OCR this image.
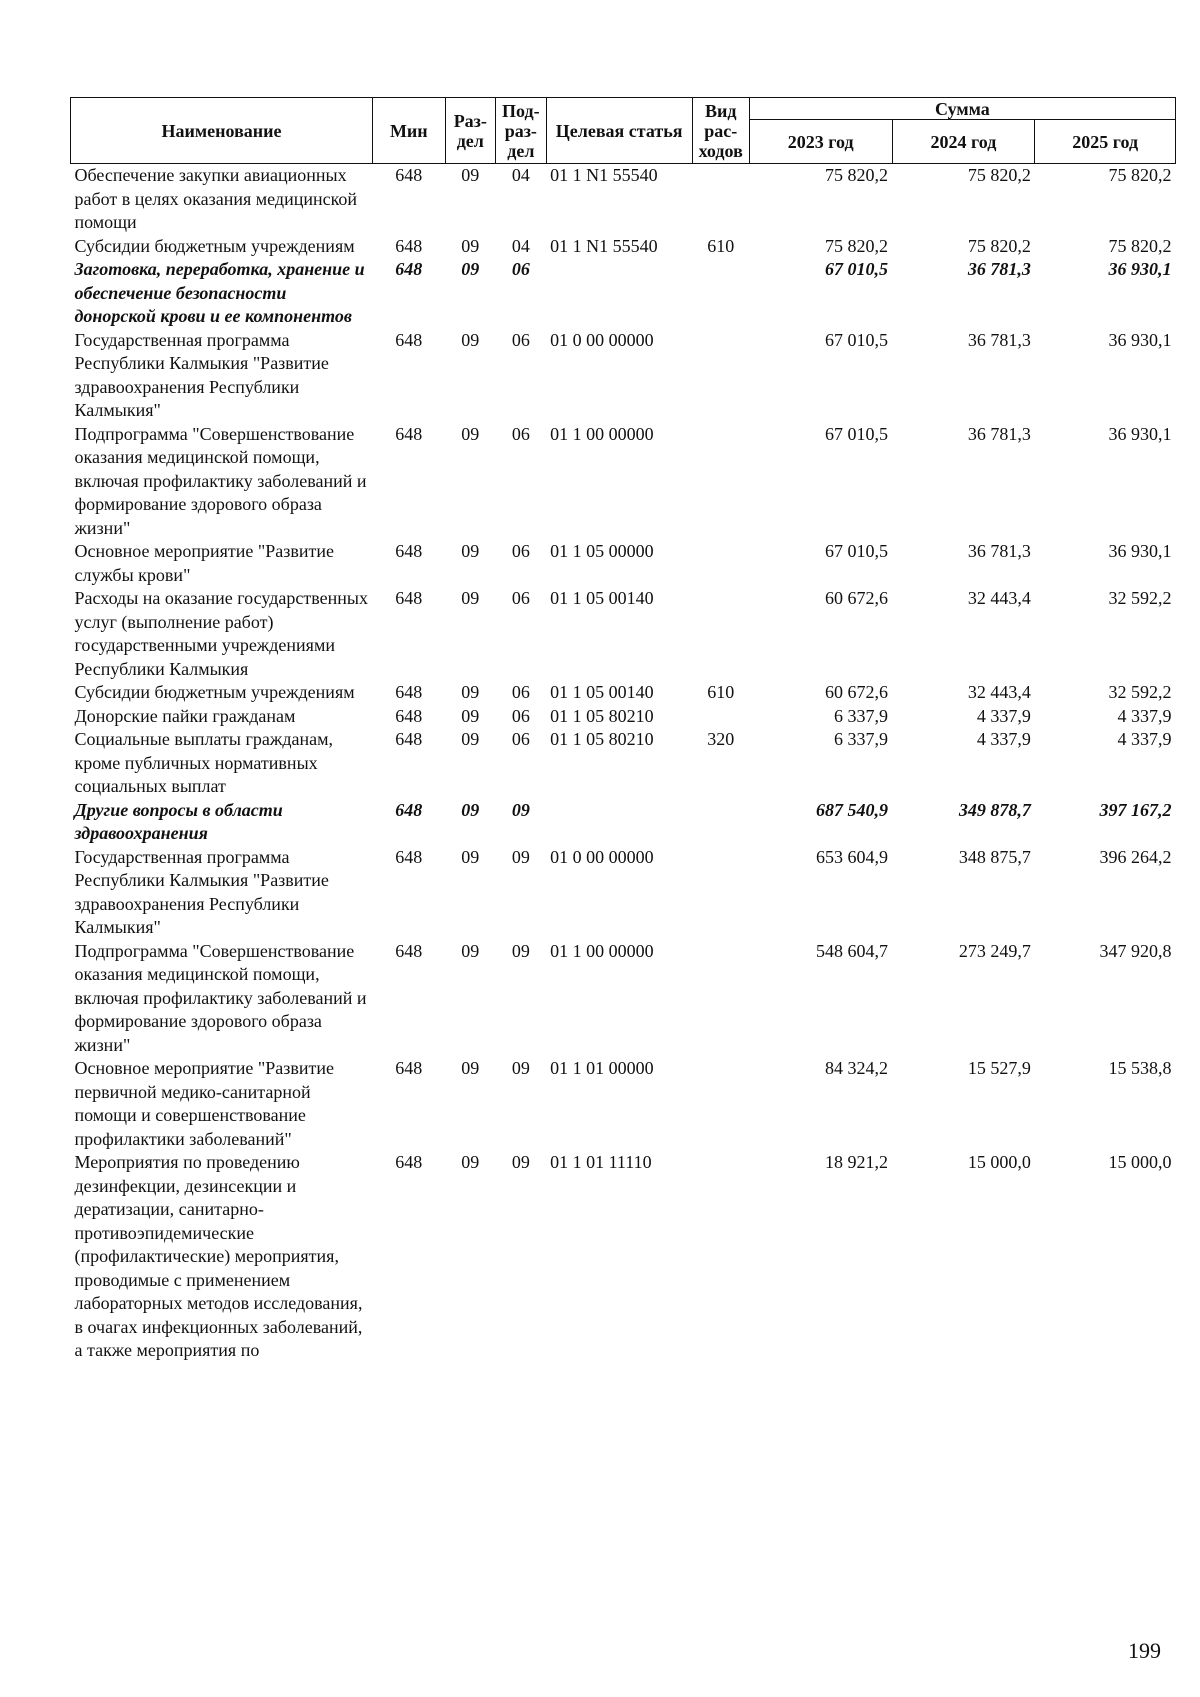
Наименование	Мин	Раз-дел	Под-раз-дел	Целевая статья	Вид рас-ходов	Сумма		
						2023 год	2024 год	2025 год
Обеспечение закупки авиационных работ в целях оказания медицинской помощи	648	09	04	01 1 N1 55540		75 820,2	75 820,2	75 820,2
Субсидии бюджетным учреждениям	648	09	04	01 1 N1 55540	610	75 820,2	75 820,2	75 820,2
Заготовка, переработка, хранение и обеспечение безопасности донорской крови и ее компонентов	648	09	06			67 010,5	36 781,3	36 930,1
Государственная программа Республики Калмыкия "Развитие здравоохранения Республики Калмыкия"	648	09	06	01 0 00 00000		67 010,5	36 781,3	36 930,1
Подпрограмма "Совершенствование оказания медицинской помощи, включая профилактику заболеваний и формирование здорового образа жизни"	648	09	06	01 1 00 00000		67 010,5	36 781,3	36 930,1
Основное мероприятие "Развитие службы крови"	648	09	06	01 1 05 00000		67 010,5	36 781,3	36 930,1
Расходы на оказание государственных услуг (выполнение работ) государственными учреждениями Республики Калмыкия	648	09	06	01 1 05 00140		60 672,6	32 443,4	32 592,2
Субсидии бюджетным учреждениям	648	09	06	01 1 05 00140	610	60 672,6	32 443,4	32 592,2
Донорские пайки гражданам	648	09	06	01 1 05 80210		6 337,9	4 337,9	4 337,9
Социальные выплаты гражданам, кроме публичных нормативных социальных выплат	648	09	06	01 1 05 80210	320	6 337,9	4 337,9	4 337,9
Другие вопросы в области здравоохранения	648	09	09			687 540,9	349 878,7	397 167,2
Государственная программа Республики Калмыкия "Развитие здравоохранения Республики Калмыкия"	648	09	09	01 0 00 00000		653 604,9	348 875,7	396 264,2
Подпрограмма "Совершенствование оказания медицинской помощи, включая профилактику заболеваний и формирование здорового образа жизни"	648	09	09	01 1 00 00000		548 604,7	273 249,7	347 920,8
Основное мероприятие "Развитие первичной медико-санитарной помощи и совершенствование профилактики заболеваний"	648	09	09	01 1 01 00000		84 324,2	15 527,9	15 538,8
Мероприятия по проведению дезинфекции, дезинсекции и дератизации, санитарно-противоэпидемические (профилактические) мероприятия, проводимые с применением лабораторных методов исследования, в очагах инфекционных заболеваний, а также мероприятия по	648	09	09	01 1 01 11110		18 921,2	15 000,0	15 000,0
199
